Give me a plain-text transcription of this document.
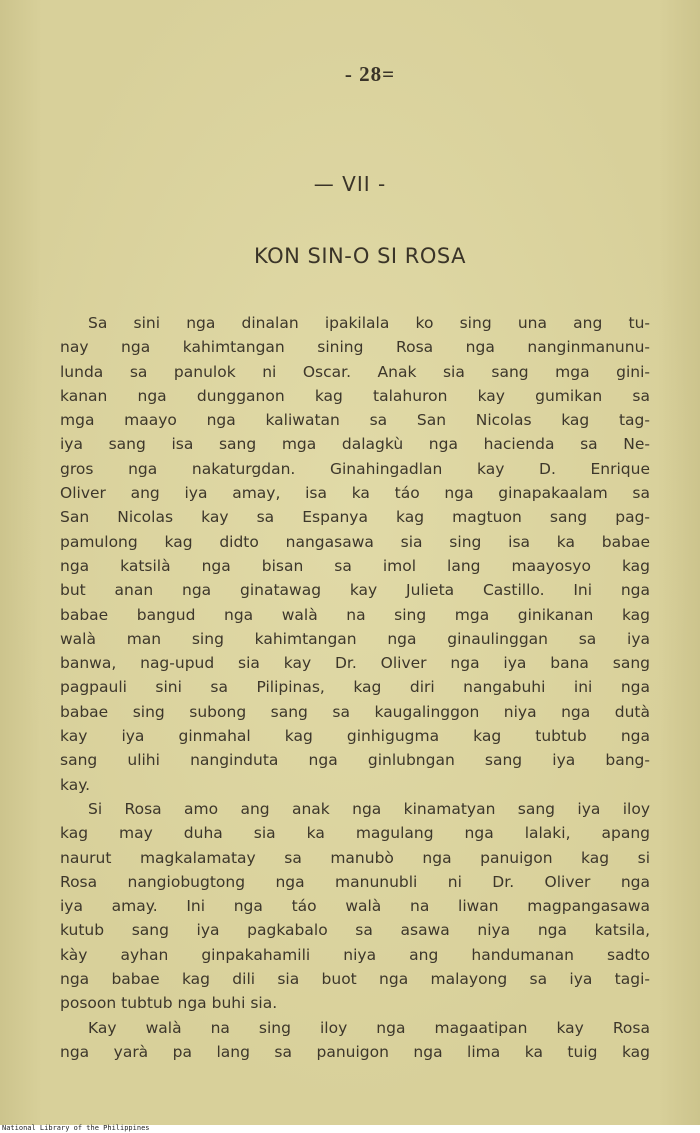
- 28=
— VII -
KON SIN-O SI ROSA
Sa sini nga dinalan ipakilala ko sing una ang tu-
nay nga kahimtangan sining Rosa nga nanginmanunu-
lunda sa panulok ni Oscar. Anak sia sang mga gini-
kanan nga dungganon kag talahuron kay gumikan sa
mga maayo nga kaliwatan sa San Nicolas kag tag-
iya sang isa sang mga dalagkù nga hacienda sa Ne-
gros nga nakaturgdan. Ginahingadlan kay D. Enrique
Oliver ang iya amay, isa ka táo nga ginapakaalam sa
San Nicolas kay sa Espanya kag magtuon sang pag-
pamulong kag didto nangasawa sia sing isa ka babae
nga katsilà nga bisan sa imol lang maayosyo kag
but anan nga ginatawag kay Julieta Castillo. Ini nga
babae bangud nga walà na sing mga ginikanan kag
walà man sing kahimtangan nga ginaulinggan sa iya
banwa, nag-upud sia kay Dr. Oliver nga iya bana sang
pagpauli sini sa Pilipinas, kag diri nangabuhi ini nga
babae sing subong sang sa kaugalinggon niya nga dutà
kay iya ginmahal kag ginhigugma kag tubtub nga
sang ulihi nanginduta nga ginlubngan sang iya bang-
kay.
Si Rosa amo ang anak nga kinamatyan sang iya iloy
kag may duha sia ka magulang nga lalaki, apang
naurut magkalamatay sa manubò nga panuigon kag si
Rosa nangiobugtong nga manunubli ni Dr. Oliver nga
iya amay. Ini nga táo walà na liwan magpangasawa
kutub sang iya pagkabalo sa asawa niya nga katsila,
kày ayhan ginpakahamili niya ang handumanan sadto
nga babae kag dili sia buot nga malayong sa iya tagi-
posoon tubtub nga buhi sia.
Kay walà na sing iloy nga magaatipan kay Rosa
nga yarà pa lang sa panuigon nga lima ka tuig kag
National Library of the Philippines
